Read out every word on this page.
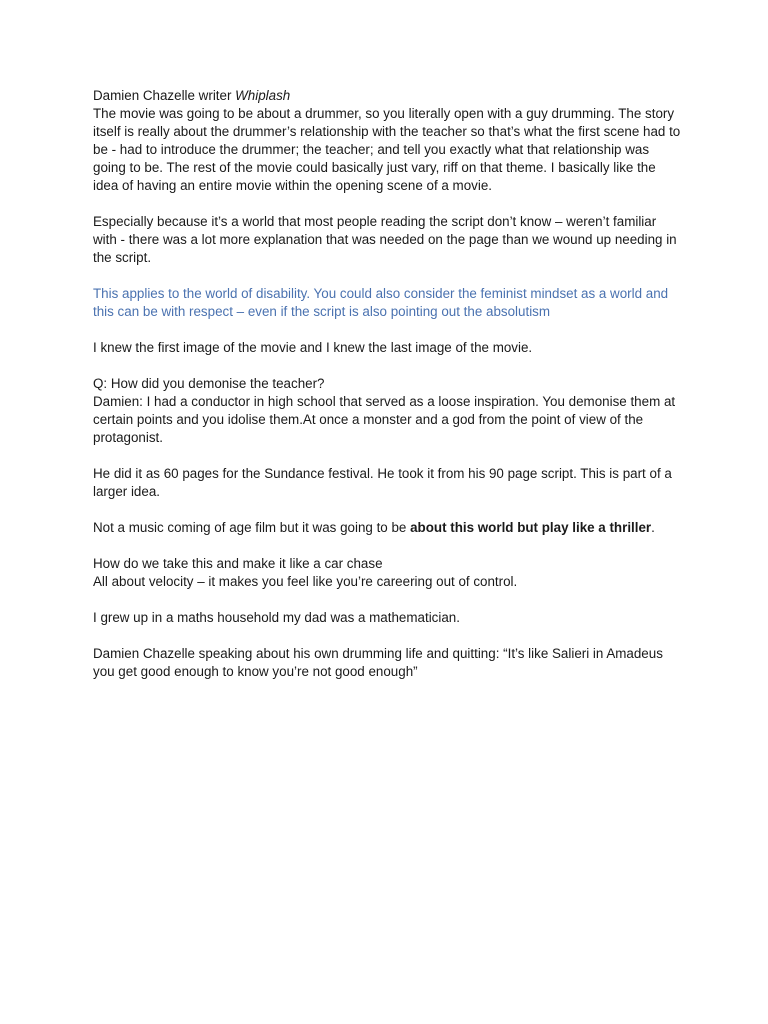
Damien Chazelle writer Whiplash
The movie was going to be about a drummer, so you literally open with a guy drumming. The story itself is really about the drummer’s relationship with the teacher so that’s what the first scene had to be - had to introduce the drummer; the teacher; and tell you exactly what that relationship was going to be. The rest of the movie could basically just vary, riff on that theme. I basically like the idea of having an entire movie within the opening scene of a movie.
Especially because it’s a world that most people reading the script don’t know – weren’t familiar with - there was a lot more explanation that was needed on the page than we wound up needing in the script.
This applies to the world of disability. You could also consider the feminist mindset as a world and this can be with respect – even if the script is also pointing out the absolutism
I knew the first image of the movie and I knew the last image of the movie.
Q: How did you demonise the teacher?
Damien: I had a conductor in high school that served as a loose inspiration. You demonise them at certain points and you idolise them.At once a monster and a god from the point of view of the protagonist.
He did it as 60 pages for the Sundance festival. He took it from his 90 page script. This is part of a larger idea.
Not a music coming of age film but it was going to be about this world but play like a thriller.
How do we take this and make it like a car chase
All about velocity – it makes you feel like you’re careering out of control.
I grew up in a maths household my dad was a mathematician.
Damien Chazelle speaking about his own drumming life and quitting: “It’s like Salieri in Amadeus you get good enough to know you’re not good enough”
